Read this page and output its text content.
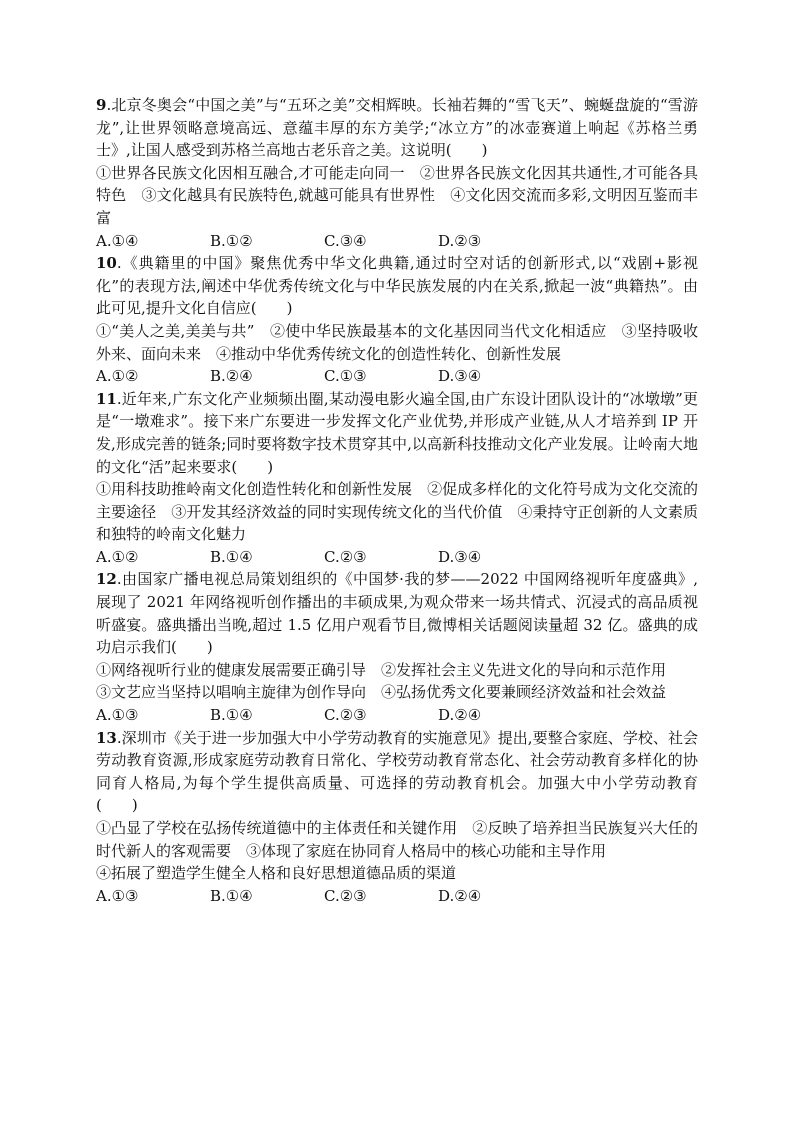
9.北京冬奥会“中国之美”与“五环之美”交相辉映。长袖若舞的“雪飞天”、蜿蜒盘旋的“雪游龙”,让世界领略意境高远、意蕴丰厚的东方美学;“冰立方”的冰壶赛道上响起《苏格兰勇士》,让国人感受到苏格兰高地古老乐音之美。这说明(　　)
①世界各民族文化因相互融合,才可能走向同一　②世界各民族文化因其共通性,才可能各具特色　③文化越具有民族特色,就越可能具有世界性　④文化因交流而多彩,文明因互鉴而丰富
A.①④	B.①②	C.③④	D.②③
10.《典籍里的中国》聚焦优秀中华文化典籍,通过时空对话的创新形式,以“戏剧+影视化”的表现方法,阐述中华优秀传统文化与中华民族发展的内在关系,掀起一波“典籍热”。由此可见,提升文化自信应(　　)
①“美人之美,美美与共”　②使中华民族最基本的文化基因同当代文化相适应　③坚持吸收外来、面向未来　④推动中华优秀传统文化的创造性转化、创新性发展
A.①②	B.②④	C.①③	D.③④
11.近年来,广东文化产业频频出圈,某动漫电影火遍全国,由广东设计团队设计的“冰墩墩”更是“一墩难求”。接下来广东要进一步发挥文化产业优势,并形成产业链,从人才培养到 IP 开发,形成完善的链条;同时要将数字技术贯穿其中,以高新科技推动文化产业发展。让岭南大地的文化“活”起来要求(　　)
①用科技助推岭南文化创造性转化和创新性发展　②促成多样化的文化符号成为文化交流的主要途径　③开发其经济效益的同时实现传统文化的当代价值　④秉持守正创新的人文素质和独特的岭南文化魅力
A.①②	B.①④	C.②③	D.③④
12.由国家广播电视总局策划组织的《中国梦·我的梦——2022 中国网络视听年度盛典》,展现了 2021 年网络视听创作播出的丰硕成果,为观众带来一场共情式、沉浸式的高品质视听盛宴。盛典播出当晚,超过 1.5 亿用户观看节目,微博相关话题阅读量超 32 亿。盛典的成功启示我们(　　)
①网络视听行业的健康发展需要正确引导　②发挥社会主义先进文化的导向和示范作用
③文艺应当坚持以唱响主旋律为创作导向　④弘扬优秀文化要兼顾经济效益和社会效益
A.①③	B.①④	C.②③	D.②④
13.深圳市《关于进一步加强大中小学劳动教育的实施意见》提出,要整合家庭、学校、社会劳动教育资源,形成家庭劳动教育日常化、学校劳动教育常态化、社会劳动教育多样化的协同育人格局,为每个学生提供高质量、可选择的劳动教育机会。加强大中小学劳动教育　　　(　　)
①凸显了学校在弘扬传统道德中的主体责任和关键作用　②反映了培养担当民族复兴大任的时代新人的客观需要　③体现了家庭在协同育人格局中的核心功能和主导作用
④拓展了塑造学生健全人格和良好思想道德品质的渠道
A.①③	B.①④	C.②③	D.②④
